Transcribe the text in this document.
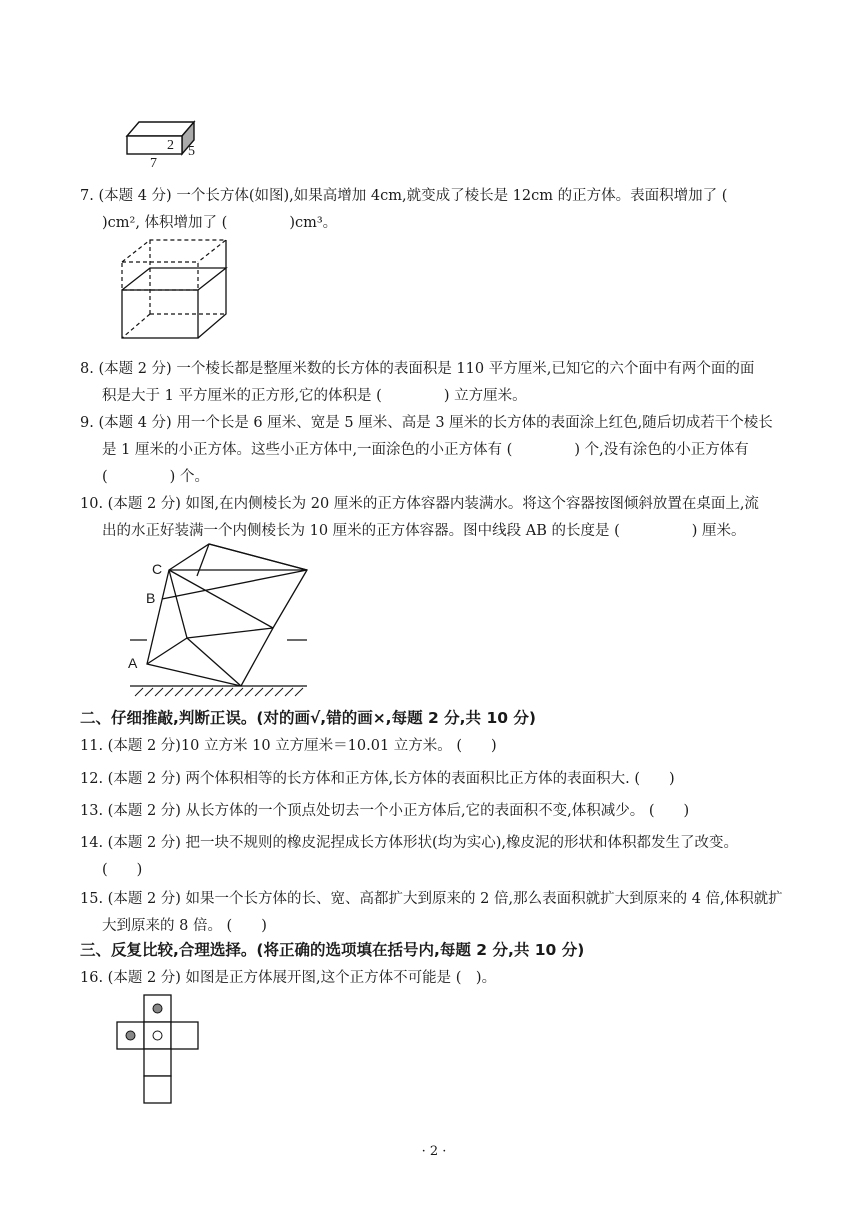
2 5
7
7. (本题 4 分) 一个长方体(如图),如果高增加 4cm,就变成了棱长是 12cm 的正方体。表面积增加了 (
)cm², 体积增加了 (	)cm³。
8. (本题 2 分) 一个棱长都是整厘米数的长方体的表面积是 110 平方厘米,已知它的六个面中有两个面的面
积是大于 1 平方厘米的正方形,它的体积是 (	) 立方厘米。
9. (本题 4 分) 用一个长是 6 厘米、宽是 5 厘米、高是 3 厘米的长方体的表面涂上红色,随后切成若干个棱长
是 1 厘米的小正方体。这些小正方体中,一面涂色的小正方体有 (	) 个,没有涂色的小正方体有
(	) 个。
10. (本题 2 分) 如图,在内侧棱长为 20 厘米的正方体容器内装满水。将这个容器按图倾斜放置在桌面上,流
出的水正好装满一个内侧棱长为 10 厘米的正方体容器。图中线段 AB 的长度是 (	) 厘米。
C
B
A
二、仔细推敲,判断正误。(对的画√,错的画×,每题 2 分,共 10 分)
11. (本题 2 分)10 立方米 10 立方厘米＝10.01 立方米。 (　　)
12. (本题 2 分) 两个体积相等的长方体和正方体,长方体的表面积比正方体的表面积大. (　　)
13. (本题 2 分) 从长方体的一个顶点处切去一个小正方体后,它的表面积不变,体积减少。 (　　)
14. (本题 2 分) 把一块不规则的橡皮泥捏成长方体形状(均为实心),橡皮泥的形状和体积都发生了改变。
(　　)
15. (本题 2 分) 如果一个长方体的长、宽、高都扩大到原来的 2 倍,那么表面积就扩大到原来的 4 倍,体积就扩
大到原来的 8 倍。 (　　)
三、反复比较,合理选择。(将正确的选项填在括号内,每题 2 分,共 10 分)
16. (本题 2 分) 如图是正方体展开图,这个正方体不可能是 (　)。
· 2 ·
